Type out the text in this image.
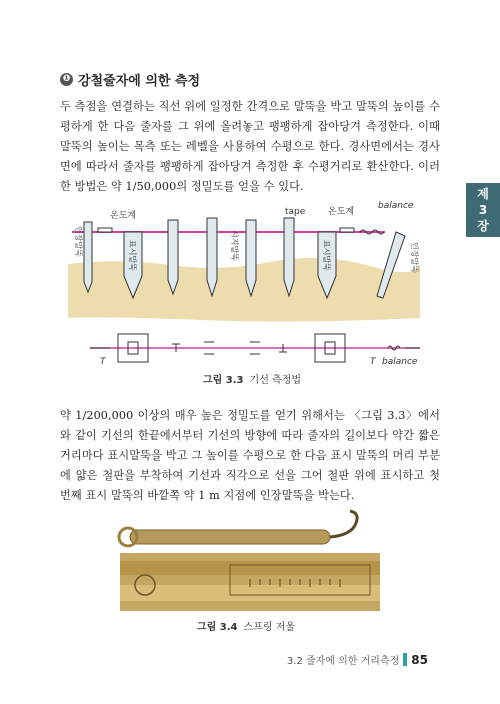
❶ 강철줄자에 의한 측정
두 측점을 연결하는 직선 위에 일정한 간격으로 말뚝을 박고 말뚝의 높이를 수평하게 한 다음 줄자를 그 위에 올려놓고 팽팽하게 잡아당겨 측정한다. 이때 말뚝의 높이는 목측 또는 레벨을 사용하여 수평으로 한다. 경사면에서는 경사면에 따라서 줄자를 팽팽하게 잡아당겨 측정한 후 수평거리로 환산한다. 이러한 방법은 약 1/50,000의 정밀도를 얻을 수 있다.
제
3
장
온도계	tape	온도계
balance
인장말뚝	표시말뚝	시지말뚝	표시말뚝	인장말뚝
T	T balance
그림 3.3 기선 측정법
약 1/200,000 이상의 매우 높은 정밀도를 얻기 위해서는 〈그림 3.3〉에서와 같이 기선의 한끝에서부터 기선의 방향에 따라 줄자의 길이보다 약간 짧은 거리마다 표시말뚝을 박고 그 높이를 수평으로 한 다음 표시 말뚝의 머리 부분에 얇은 철판을 부착하여 기선과 직각으로 선을 그어 철판 위에 표시하고 첫 번째 표시 말뚝의 바깥쪽 약 1 m 지점에 인장말뚝을 박는다.
그림 3.4 스프링 저울
3.2 줄자에 의한 거리측정 85
